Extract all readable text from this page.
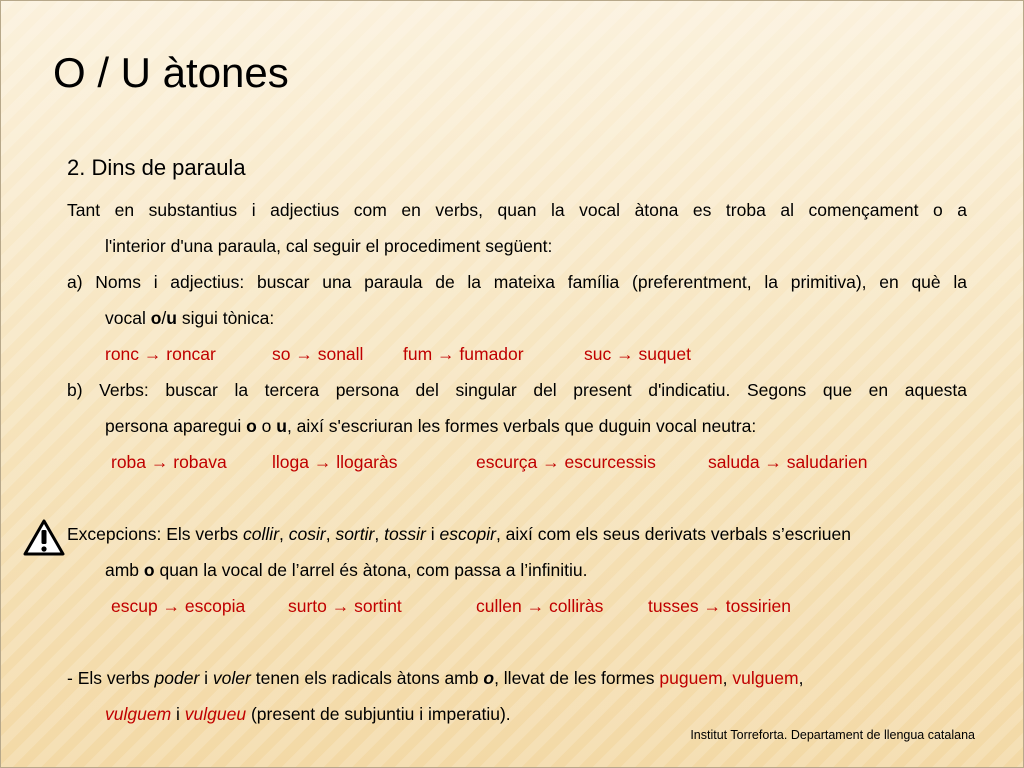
O / U àtones
2. Dins de paraula

Tant en substantius i adjectius com en verbs, quan la vocal àtona es troba al començament o a

l'interior d'una paraula, cal seguir el procediment següent:

a) Noms i adjectius: buscar una paraula de la mateixa família (preferentment, la primitiva), en què la

vocal o/u sigui tònica:

ronc → roncar	so → sonall	fum → fumador	suc → suquet

b) Verbs: buscar la tercera persona del singular del present d'indicatiu. Segons que en aquesta

persona aparegui o o u, així s'escriuran les formes verbals que duguin vocal neutra:

roba → robava	lloga → llogaràs	escurça → escurcessis	saluda → saludarien

Excepcions: Els verbs collir, cosir, sortir, tossir i escopir, així com els seus derivats verbals s’escriuen

amb o quan la vocal de l’arrel és àtona, com passa a l’infinitiu.

escup → escopia	surto → sortint	cullen → colliràs	tusses → tossirien

- Els verbs poder i voler tenen els radicals àtons amb o, llevat de les formes puguem, vulguem,

vulguem i vulgueu (present de subjuntiu i imperatiu).

Institut Torreforta. Departament de llengua catalana
